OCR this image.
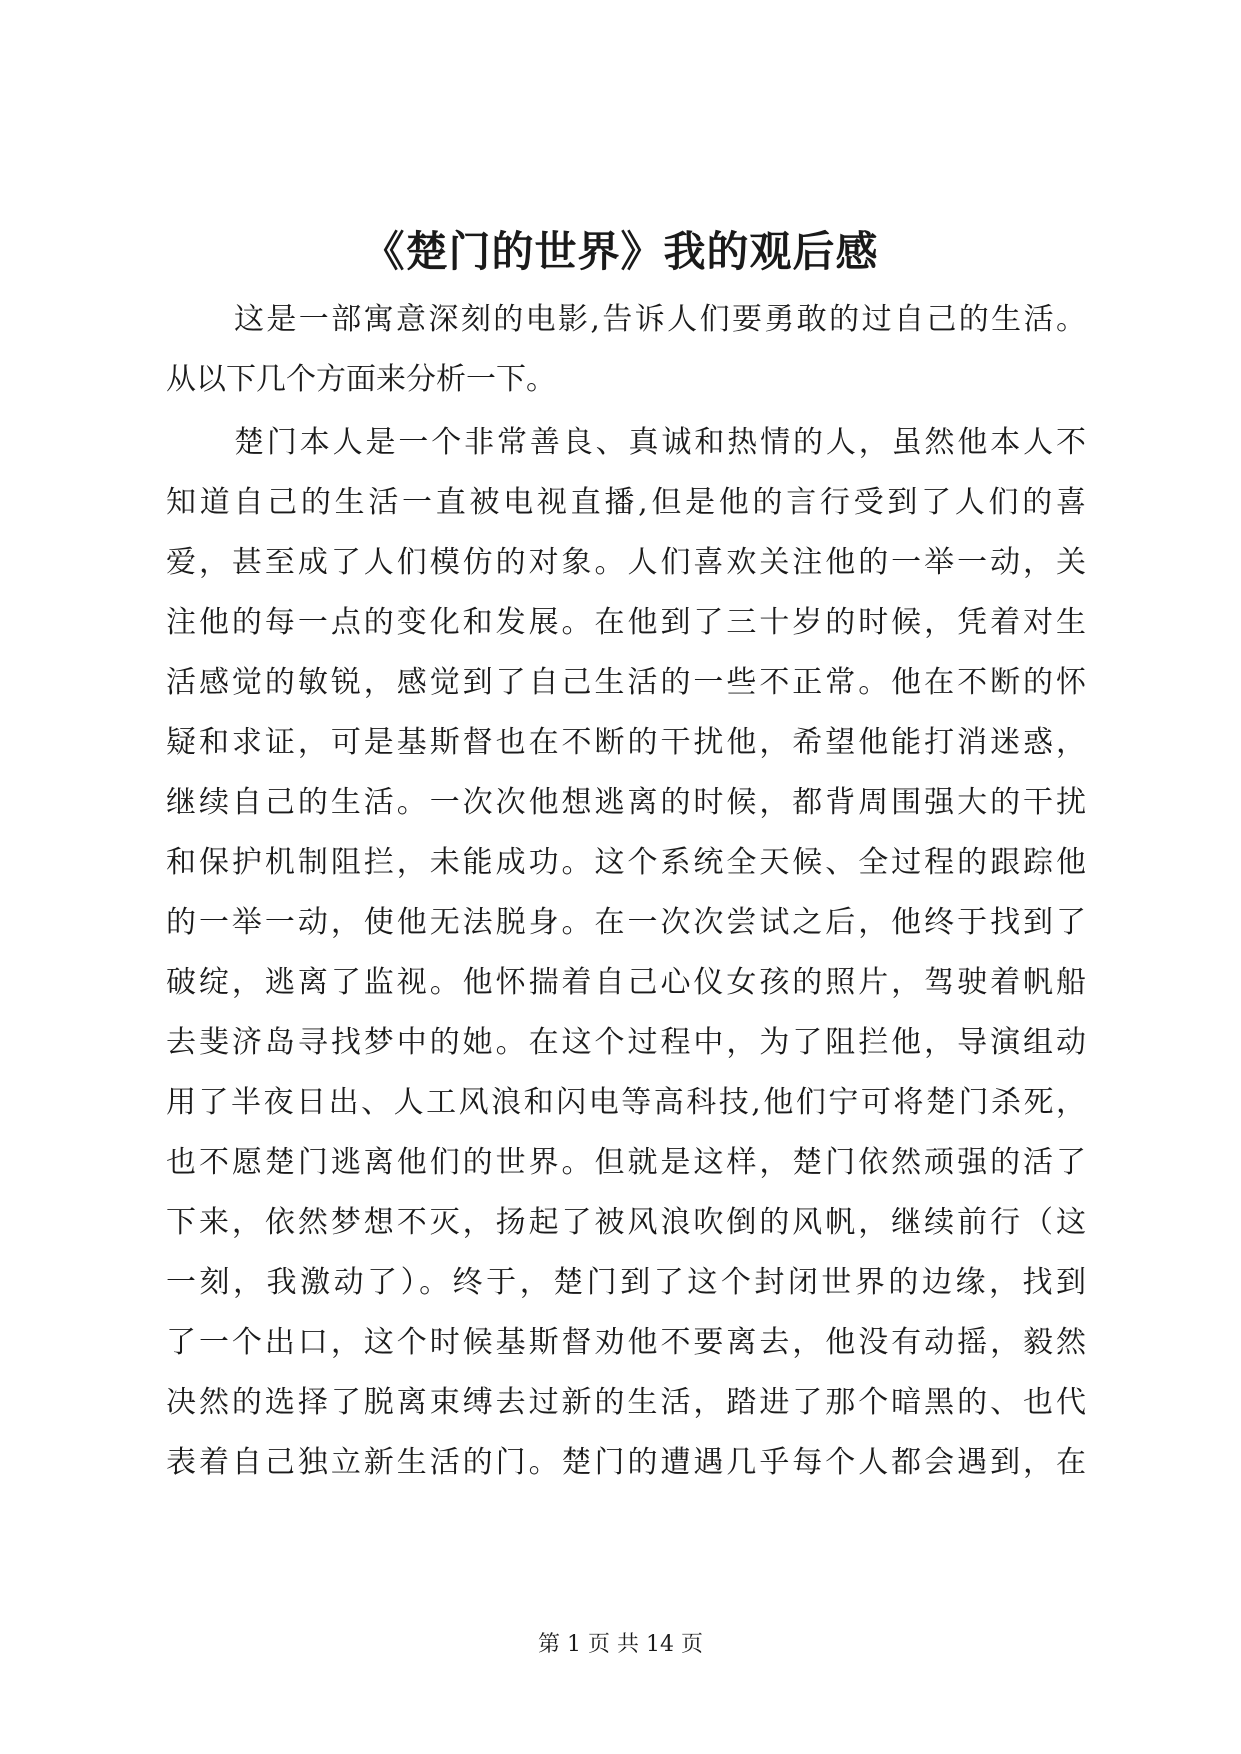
《楚门的世界》我的观后感
这是一部寓意深刻的电影,告诉人们要勇敢的过自己的生活。
从以下几个方面来分析一下。
楚门本人是一个非常善良、真诚和热情的人，虽然他本人不
知道自己的生活一直被电视直播,但是他的言行受到了人们的喜
爱，甚至成了人们模仿的对象。人们喜欢关注他的一举一动，关
注他的每一点的变化和发展。在他到了三十岁的时候，凭着对生
活感觉的敏锐，感觉到了自己生活的一些不正常。他在不断的怀
疑和求证，可是基斯督也在不断的干扰他，希望他能打消迷惑，
继续自己的生活。一次次他想逃离的时候，都背周围强大的干扰
和保护机制阻拦，未能成功。这个系统全天候、全过程的跟踪他
的一举一动，使他无法脱身。在一次次尝试之后，他终于找到了
破绽，逃离了监视。他怀揣着自己心仪女孩的照片，驾驶着帆船
去斐济岛寻找梦中的她。在这个过程中，为了阻拦他，导演组动
用了半夜日出、人工风浪和闪电等高科技,他们宁可将楚门杀死，
也不愿楚门逃离他们的世界。但就是这样，楚门依然顽强的活了
下来，依然梦想不灭，扬起了被风浪吹倒的风帆，继续前行（这
一刻，我激动了）。终于，楚门到了这个封闭世界的边缘，找到
了一个出口，这个时候基斯督劝他不要离去，他没有动摇，毅然
决然的选择了脱离束缚去过新的生活，踏进了那个暗黑的、也代
表着自己独立新生活的门。楚门的遭遇几乎每个人都会遇到，在
第 1 页 共 14 页
